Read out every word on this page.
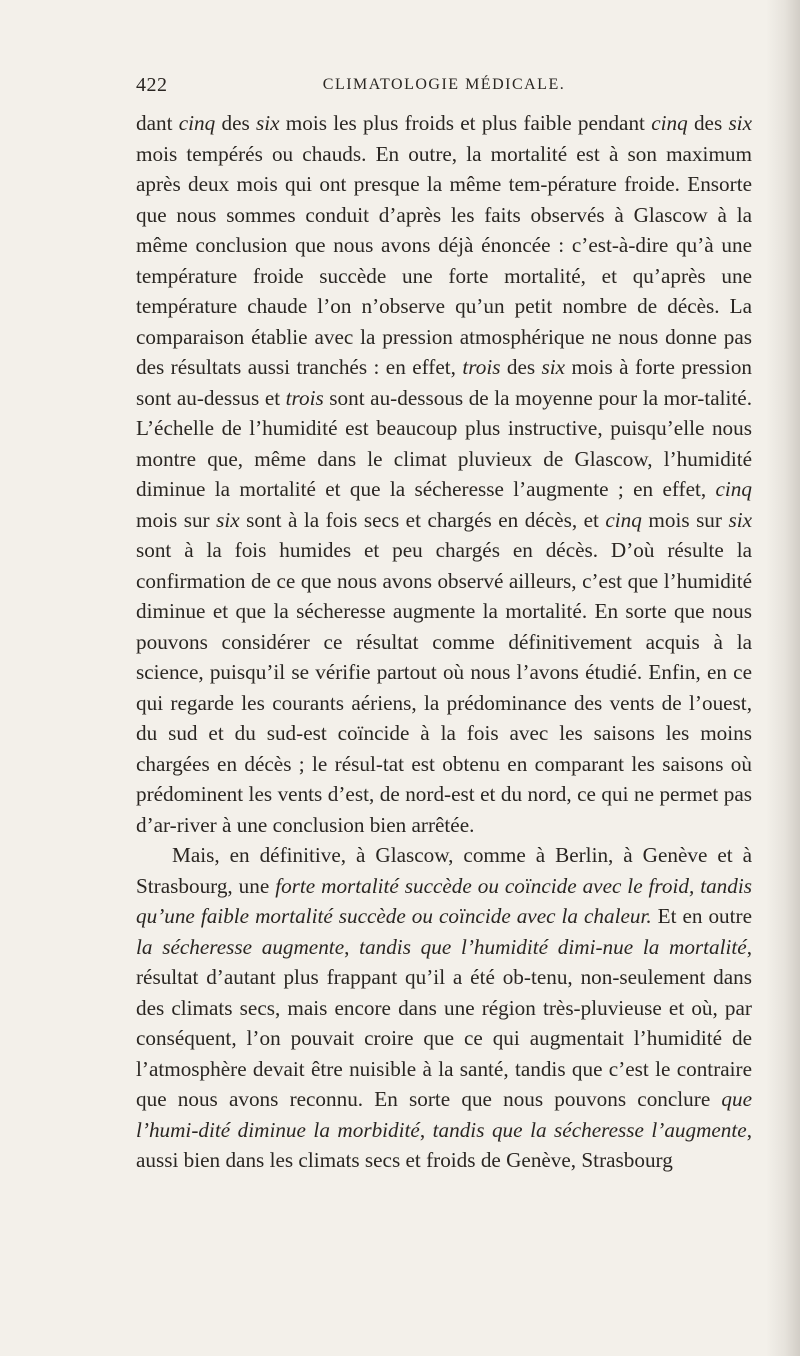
422	CLIMATOLOGIE MÉDICALE.

dant cinq des six mois les plus froids et plus faible pendant cinq des six mois tempérés ou chauds. En outre, la mortalité est à son maximum après deux mois qui ont presque la même tem-pérature froide. Ensorte que nous sommes conduit d’après les faits observés à Glascow à la même conclusion que nous avons déjà énoncée : c’est-à-dire qu’à une température froide succède une forte mortalité, et qu’après une température chaude l’on n’observe qu’un petit nombre de décès. La comparaison établie avec la pression atmosphérique ne nous donne pas des résultats aussi tranchés : en effet, trois des six mois à forte pression sont au-dessus et trois sont au-dessous de la moyenne pour la mor-talité. L’échelle de l’humidité est beaucoup plus instructive, puisqu’elle nous montre que, même dans le climat pluvieux de Glascow, l’humidité diminue la mortalité et que la sécheresse l’augmente ; en effet, cinq mois sur six sont à la fois secs et chargés en décès, et cinq mois sur six sont à la fois humides et peu chargés en décès. D’où résulte la confirmation de ce que nous avons observé ailleurs, c’est que l’humidité diminue et que la sécheresse augmente la mortalité. En sorte que nous pouvons considérer ce résultat comme définitivement acquis à la science, puisqu’il se vérifie partout où nous l’avons étudié. Enfin, en ce qui regarde les courants aériens, la prédominance des vents de l’ouest, du sud et du sud-est coïncide à la fois avec les saisons les moins chargées en décès ; le résul-tat est obtenu en comparant les saisons où prédominent les vents d’est, de nord-est et du nord, ce qui ne permet pas d’ar-river à une conclusion bien arrêtée.

Mais, en définitive, à Glascow, comme à Berlin, à Genève et à Strasbourg, une forte mortalité succède ou coïncide avec le froid, tandis qu’une faible mortalité succède ou coïncide avec la chaleur. Et en outre la sécheresse augmente, tandis que l’humidité dimi-nue la mortalité, résultat d’autant plus frappant qu’il a été ob-tenu, non-seulement dans des climats secs, mais encore dans une région très-pluvieuse et où, par conséquent, l’on pouvait croire que ce qui augmentait l’humidité de l’atmosphère devait être nuisible à la santé, tandis que c’est le contraire que nous avons reconnu. En sorte que nous pouvons conclure que l’humi-dité diminue la morbidité, tandis que la sécheresse l’augmente, aussi bien dans les climats secs et froids de Genève, Strasbourg
